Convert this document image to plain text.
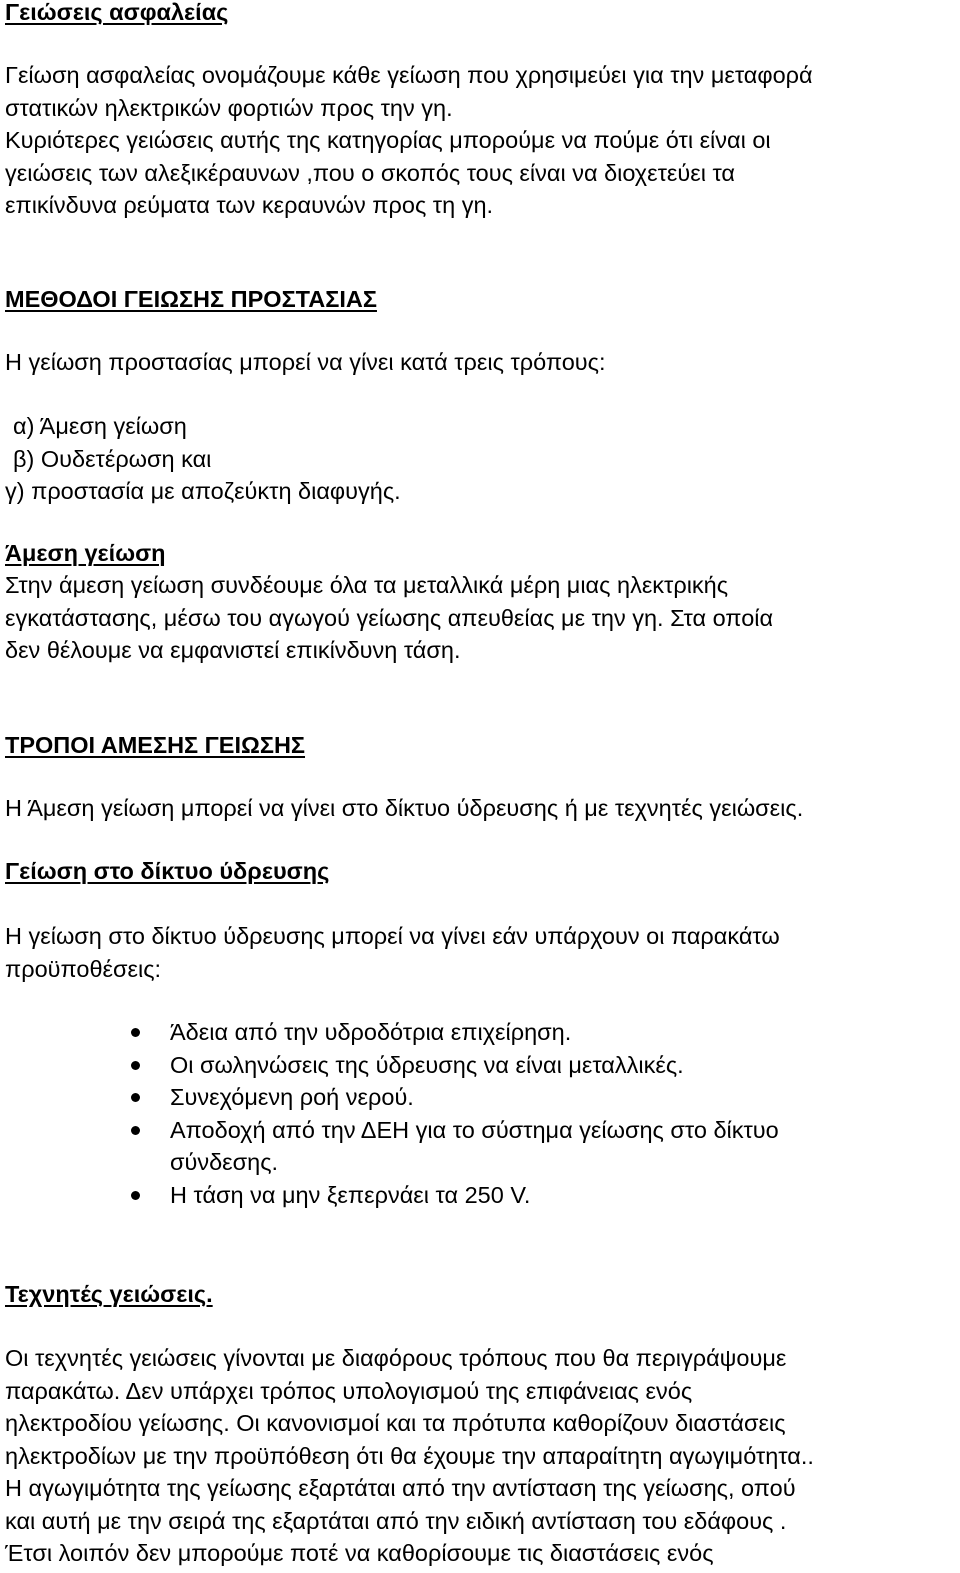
Γειώσεις ασφαλείας

Γείωση ασφαλείας ονομάζουμε κάθε γείωση που χρησιμεύει για την μεταφορά
στατικών ηλεκτρικών φορτιών προς την γη.
Κυριότερες γειώσεις αυτής της κατηγορίας μπορούμε να πούμε ότι είναι οι
γειώσεις των αλεξικέραυνων ,που ο σκοπός τους είναι να διοχετεύει τα
επικίνδυνα ρεύματα των κεραυνών προς τη γη.

ΜΕΘΟΔΟΙ ΓΕΙΩΣΗΣ ΠΡΟΣΤΑΣΙΑΣ

Η γείωση προστασίας μπορεί να γίνει κατά τρεις τρόπους:

α) Άμεση γείωση
β) Ουδετέρωση και
γ) προστασία με αποζεύκτη διαφυγής.
Άμεση γείωση

Στην άμεση γείωση συνδέουμε όλα τα μεταλλικά μέρη μιας ηλεκτρικής
εγκατάστασης, μέσω του αγωγού γείωσης απευθείας με την γη. Στα οποία
δεν θέλουμε να εμφανιστεί επικίνδυνη τάση.

ΤΡΟΠΟΙ ΑΜΕΣΗΣ ΓΕΙΩΣΗΣ

Η Άμεση γείωση μπορεί να γίνει στο δίκτυο ύδρευσης ή με τεχνητές γειώσεις.

Γείωση στο δίκτυο ύδρευσης

Η γείωση στο δίκτυο ύδρευσης μπορεί να γίνει εάν υπάρχουν οι παρακάτω
προϋποθέσεις:

Άδεια από την υδροδότρια επιχείρηση.
Οι σωληνώσεις της ύδρευσης να είναι μεταλλικές.
Συνεχόμενη ροή νερού.
Αποδοχή από την ΔΕΗ για το σύστημα γείωσης στο δίκτυο
σύνδεσης.
Η τάση να μην ξεπερνάει τα 250 V.
Τεχνητές γειώσεις.

Οι τεχνητές γειώσεις γίνονται με διαφόρους τρόπους που θα περιγράψουμε
παρακάτω. Δεν υπάρχει τρόπος υπολογισμού της επιφάνειας ενός
ηλεκτροδίου γείωσης. Οι κανονισμοί και τα πρότυπα καθορίζουν διαστάσεις
ηλεκτροδίων με την προϋπόθεση ότι θα έχουμε την απαραίτητη αγωγιμότητα..
Η αγωγιμότητα της γείωσης εξαρτάται από την αντίσταση της γείωσης, οπού
και αυτή με την σειρά της εξαρτάται από την ειδική αντίσταση του εδάφους .
Έτσι λοιπόν δεν μπορούμε ποτέ να καθορίσουμε τις διαστάσεις ενός
